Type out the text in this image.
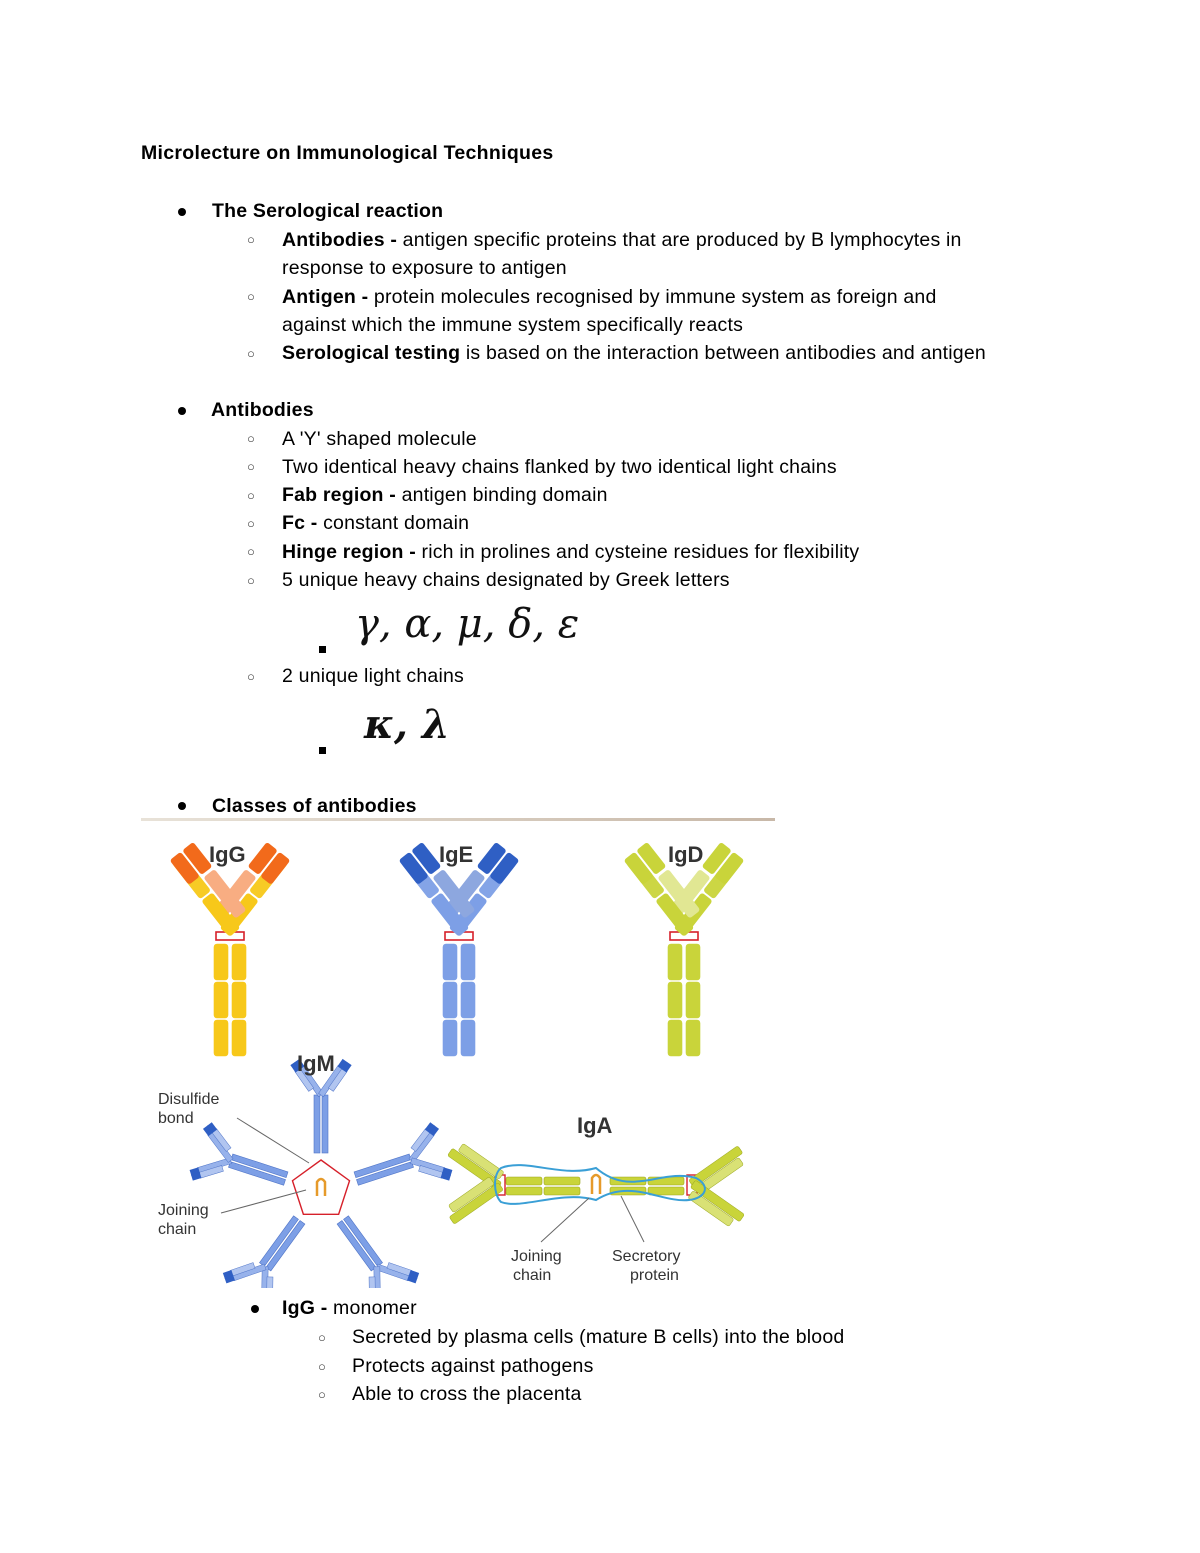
Microlecture on Immunological Techniques
The Serological reaction
○ Antibodies - antigen specific proteins that are produced by B lymphocytes in
response to exposure to antigen
○ Antigen - protein molecules recognised by immune system as foreign and
against which the immune system specifically reacts
○ Serological testing is based on the interaction between antibodies and antigen
Antibodies
○ A 'Y' shaped molecule
○ Two identical heavy chains flanked by two identical light chains
○ Fab region - antigen binding domain
○ Fc - constant domain
○ Hinge region - rich in prolines and cysteine residues for flexibility
○ 5 unique heavy chains designated by Greek letters
γ, α, μ, δ, ε
○ 2 unique light chains
κ, λ
Classes of antibodies
IgG	IgE	IgD
IgM
IgA
Disulfide
bond
Joining
chain
Joining
chain
Secretory
protein
IgG - monomer
○ Secreted by plasma cells (mature B cells) into the blood
○ Protects against pathogens
○ Able to cross the placenta
